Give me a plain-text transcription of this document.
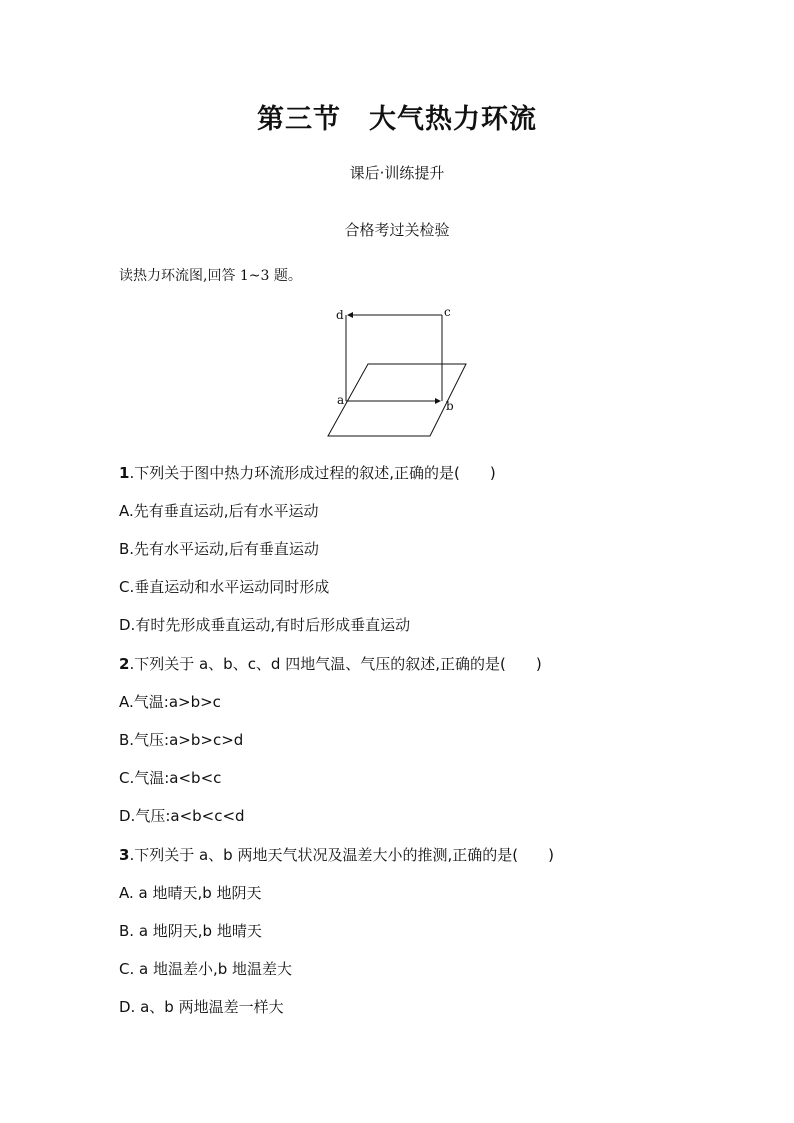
第三节　大气热力环流
课后·训练提升
合格考过关检验
读热力环流图,回答 1~3 题。
d	c
a	b
1.下列关于图中热力环流形成过程的叙述,正确的是(　　)
A.先有垂直运动,后有水平运动
B.先有水平运动,后有垂直运动
C.垂直运动和水平运动同时形成
D.有时先形成垂直运动,有时后形成垂直运动
2.下列关于 a、b、c、d 四地气温、气压的叙述,正确的是(　　)
A.气温:a>b>c
B.气压:a>b>c>d
C.气温:a<b<c
D.气压:a<b<c<d
3.下列关于 a、b 两地天气状况及温差大小的推测,正确的是(　　)
A. a 地晴天,b 地阴天
B. a 地阴天,b 地晴天
C. a 地温差小,b 地温差大
D. a、b 两地温差一样大
